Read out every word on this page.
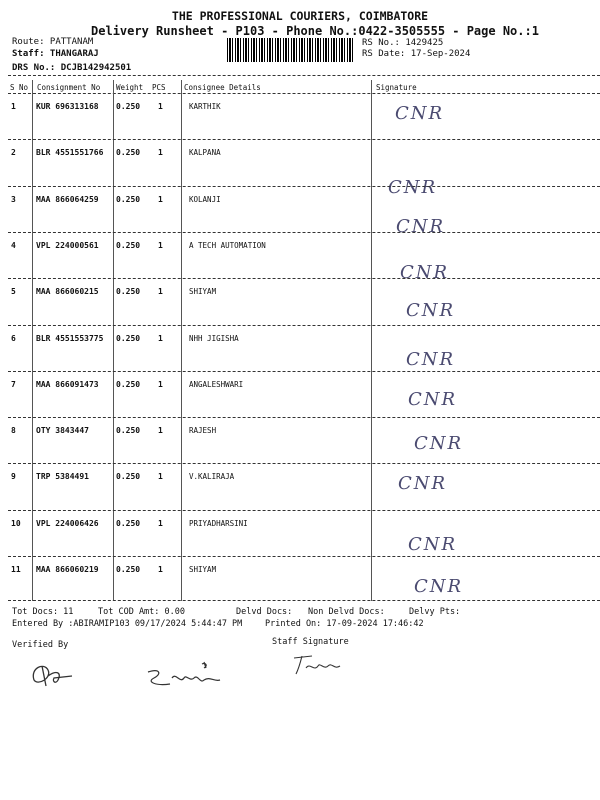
THE PROFESSIONAL COURIERS, COIMBATORE
Delivery Runsheet - P103 - Phone No.:0422-3505555 - Page No.:1
Route: PATTANAM
Staff: THANGARAJ
DRS No.: DCJB142942501
RS No.: 1429425
RS Date: 17-Sep-2024
S No Consignment No Weight PCS Consignee Details	Signature
1	KUR 696313168 0.250 1	KARTHIK	CNR
2	BLR 4551551766 0.250 1	KALPANA
CNR
3	MAA 866064259 0.250 1	KOLANJI
CNR
4	VPL 224000561 0.250 1	A TECH AUTOMATION
CNR
5	MAA 866060215 0.250 1	SHIYAM
CNR
6	BLR 4551553775 0.250 1	NHH JIGISHA
CNR
7	MAA 866091473 0.250 1	ANGALESHWARI
CNR
8	OTY 3843447	0.250 1	RAJESH
CNR
9	TRP 5384491	0.250 1	V.KALIRAJA	CNR
10 VPL 224006426 0.250 1	PRIYADHARSINI
CNR
11 MAA 866060219 0.250 1	SHIYAM
CNR
Tot Docs: 11	Tot COD Amt: 0.00	Delvd Docs: Non Delvd Docs:	Delvy Pts:
Entered By :ABIRAMIP103 09/17/2024 5:44:47 PM	Printed On: 17-09-2024 17:46:42
Verified By	Staff Signature
